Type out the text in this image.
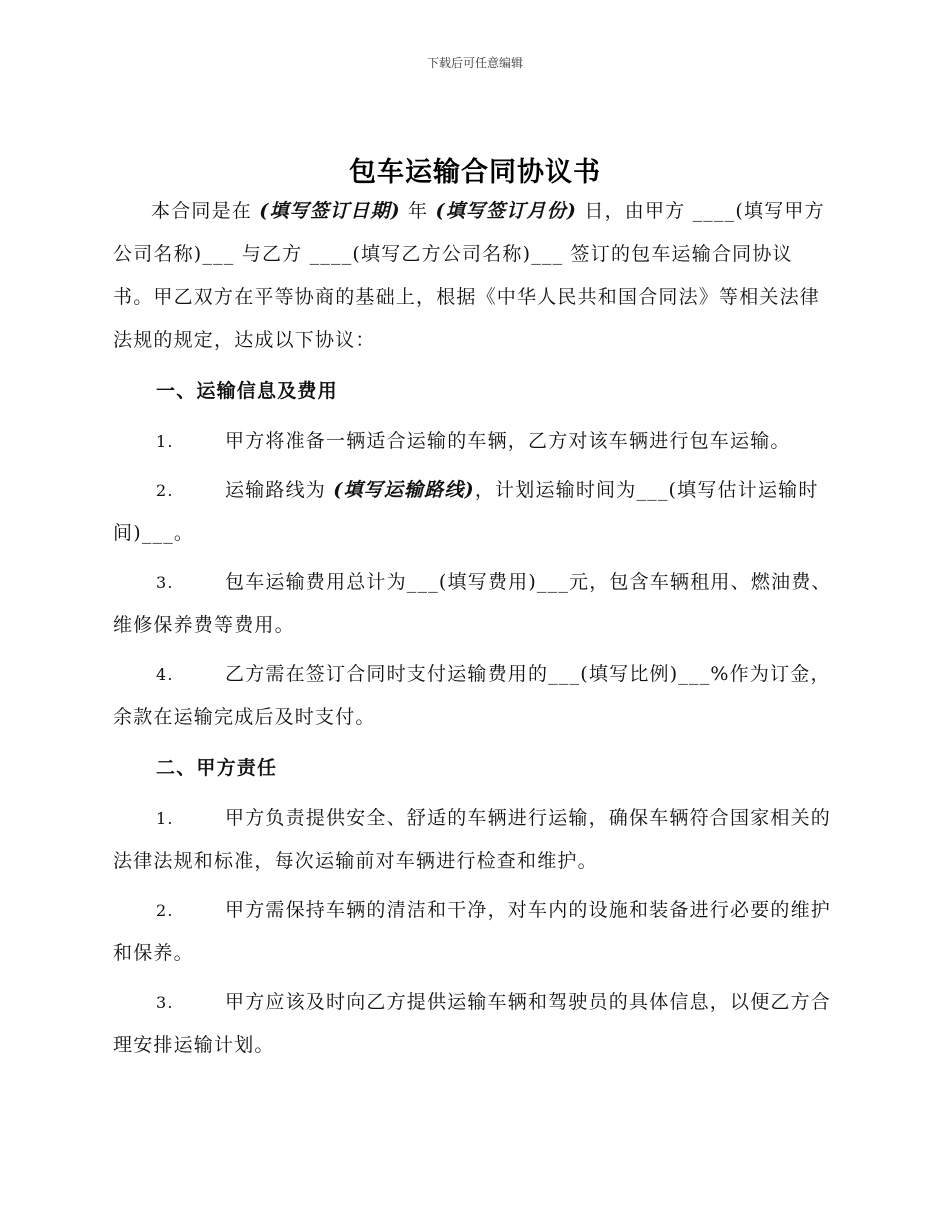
下载后可任意编辑
包车运输合同协议书

本合同是在 (填写签订日期) 年 (填写签订月份) 日，由甲方 ____(填写甲方公司名称)___ 与乙方 ____(填写乙方公司名称)___ 签订的包车运输合同协议书。甲乙双方在平等协商的基础上，根据《中华人民共和国合同法》等相关法律法规的规定，达成以下协议：

一、运输信息及费用

1.	甲方将准备一辆适合运输的车辆，乙方对该车辆进行包车运输。

2.	运输路线为 (填写运输路线)，计划运输时间为___(填写估计运输时间)___。

3.	包车运输费用总计为___(填写费用)___元，包含车辆租用、燃油费、维修保养费等费用。

4.	乙方需在签订合同时支付运输费用的___(填写比例)___%作为订金，余款在运输完成后及时支付。

二、甲方责任

1.	甲方负责提供安全、舒适的车辆进行运输，确保车辆符合国家相关的法律法规和标准，每次运输前对车辆进行检查和维护。

2.	甲方需保持车辆的清洁和干净，对车内的设施和装备进行必要的维护和保养。

3.	甲方应该及时向乙方提供运输车辆和驾驶员的具体信息，以便乙方合理安排运输计划。
